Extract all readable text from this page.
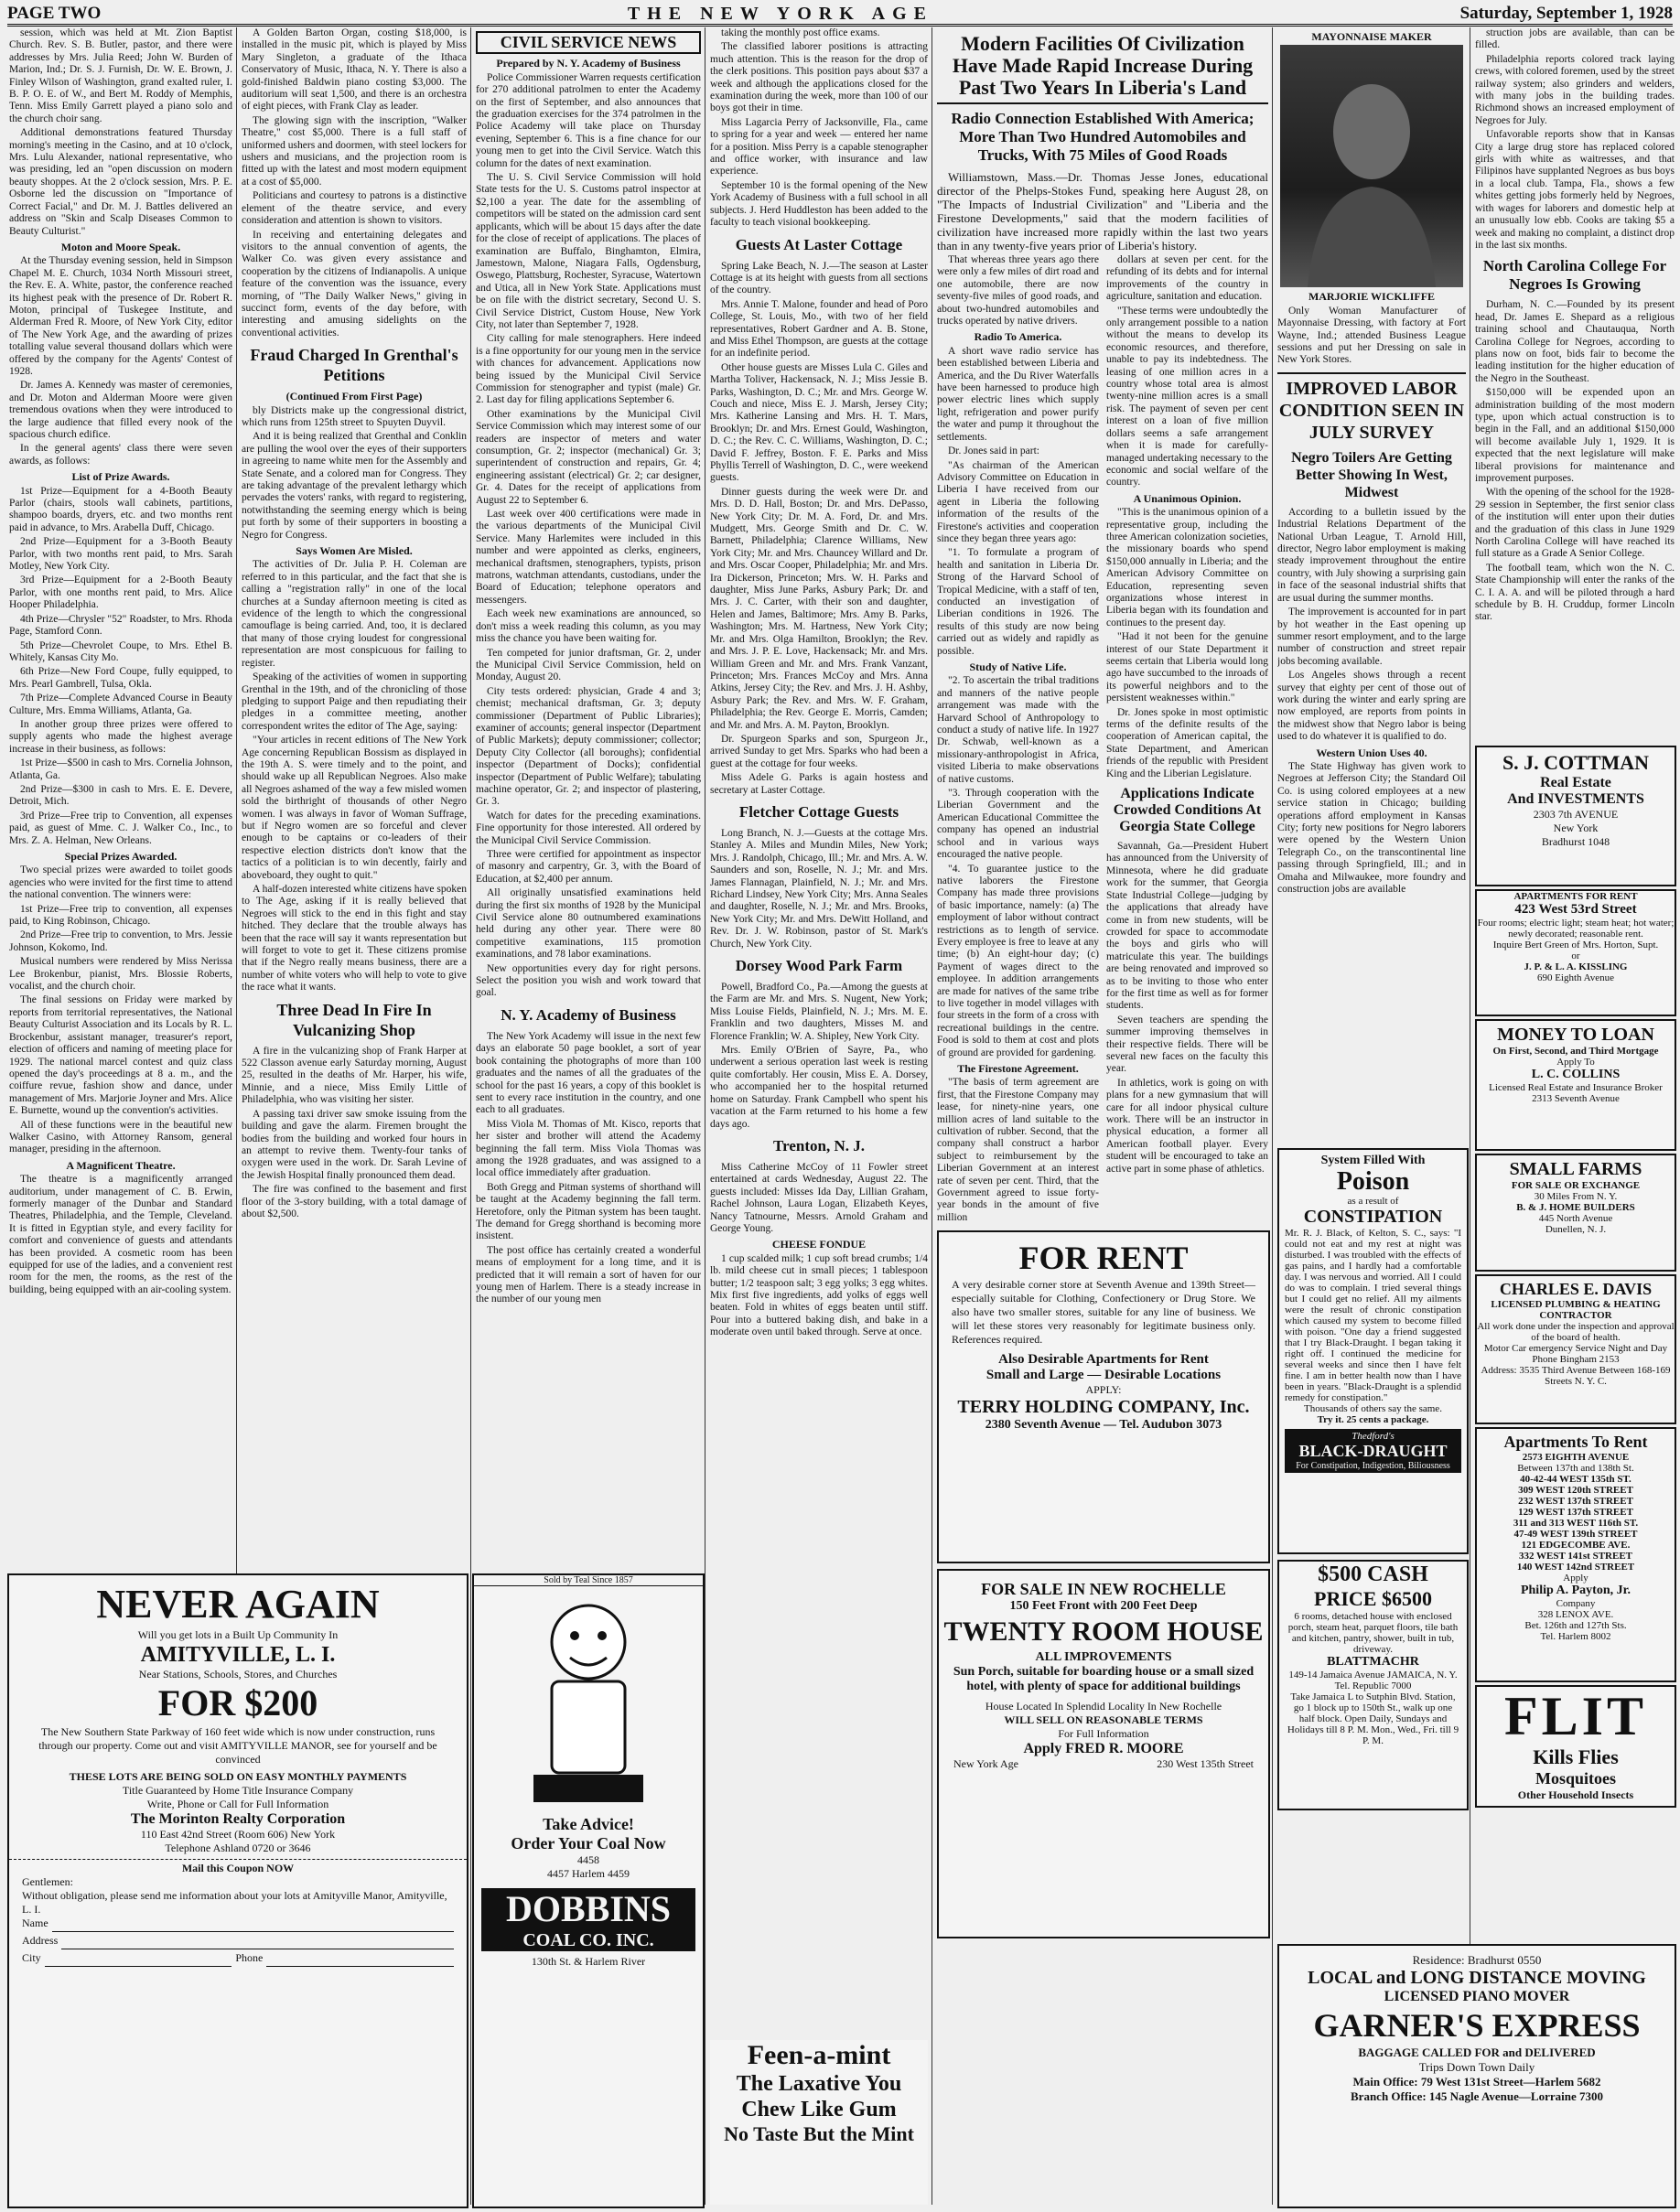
PAGE TWO	THE NEW YORK AGE	Saturday, September 1, 1928

session, which was held at Mt. Zion Baptist Church. Rev. S. B. Butler, pastor, and there were addresses by Mrs. Julia Reed; John W. Burden of Marion, Ind.; Dr. S. J. Furnish, Dr. W. E. Brown, J. Finley Wilson of Washington, grand exalted ruler, I. B. P. O. E. of W., and Bert M. Roddy of Memphis, Tenn. Miss Emily Garrett played a piano solo and the church choir sang.

Additional demonstrations featured Thursday morning's meeting in the Casino, and at 10 o'clock, Mrs. Lulu Alexander, national representative, who was presiding, led an "open discussion on modern beauty shoppes. At the 2 o'clock session, Mrs. P. E. Osborne led the discussion on "Importance of Correct Facial," and Dr. M. J. Battles delivered an address on "Skin and Scalp Diseases Common to Beauty Culturist."

Moton and Moore Speak.

At the Thursday evening session, held in Simpson Chapel M. E. Church, 1034 North Missouri street, the Rev. E. A. White, pastor, the conference reached its highest peak with the presence of Dr. Robert R. Moton, principal of Tuskegee Institute, and Alderman Fred R. Moore, of New York City, editor of The New York Age, and the awarding of prizes totalling value several thousand dollars which were offered by the company for the Agents' Contest of 1928.

Dr. James A. Kennedy was master of ceremonies, and Dr. Moton and Alderman Moore were given tremendous ovations when they were introduced to the large audience that filled every nook of the spacious church edifice.

In the general agents' class there were seven awards, as follows:

List of Prize Awards.

1st Prize—Equipment for a 4-Booth Beauty Parlor (chairs, stools wall cabinets, partitions, shampoo boards, dryers, etc. and two months rent paid in advance, to Mrs. Arabella Duff, Chicago.

2nd Prize—Equipment for a 3-Booth Beauty Parlor, with two months rent paid, to Mrs. Sarah Motley, New York City.

3rd Prize—Equipment for a 2-Booth Beauty Parlor, with one months rent paid, to Mrs. Alice Hooper Philadelphia.

4th Prize—Chrysler "52" Roadster, to Mrs. Rhoda Page, Stamford Conn.

5th Prize—Chevrolet Coupe, to Mrs. Ethel B. Whitely, Kansas City Mo.

6th Prize—New Ford Coupe, fully equipped, to Mrs. Pearl Gambrell, Tulsa, Okla.

7th Prize—Complete Advanced Course in Beauty Culture, Mrs. Emma Williams, Atlanta, Ga.

In another group three prizes were offered to supply agents who made the highest average increase in their business, as follows:

1st Prize—$500 in cash to Mrs. Cornelia Johnson, Atlanta, Ga.

2nd Prize—$300 in cash to Mrs. E. E. Devere, Detroit, Mich.

3rd Prize—Free trip to Convention, all expenses paid, as guest of Mme. C. J. Walker Co., Inc., to Mrs. Z. A. Helman, New Orleans.

Special Prizes Awarded.

Two special prizes were awarded to toilet goods agencies who were invited for the first time to attend the national convention. The winners were:

1st Prize—Free trip to convention, all expenses paid, to King Robinson, Chicago.

2nd Prize—Free trip to convention, to Mrs. Jessie Johnson, Kokomo, Ind.

Musical numbers were rendered by Miss Nerissa Lee Brokenbur, pianist, Mrs. Blossie Roberts, vocalist, and the church choir.

The final sessions on Friday were marked by reports from territorial representatives, the National Beauty Culturist Association and its Locals by R. L. Brockenbur, assistant manager, treasurer's report, election of officers and naming of meeting place for 1929. The national marcel contest and quiz class opened the day's proceedings at 8 a. m., and the coiffure revue, fashion show and dance, under management of Mrs. Marjorie Joyner and Mrs. Alice E. Burnette, wound up the convention's activities.

All of these functions were in the beautiful new Walker Casino, with Attorney Ransom, general manager, presiding in the afternoon.

A Magnificent Theatre.

The theatre is a magnificently arranged auditorium, under management of C. B. Erwin, formerly manager of the Dunbar and Standard Theatres, Philadelphia, and the Temple, Cleveland. It is fitted in Egyptian style, and every facility for comfort and convenience of guests and attendants has been provided. A cosmetic room has been equipped for use of the ladies, and a convenient rest room for the men, the rooms, as the rest of the building, being equipped with an air-cooling system.

A Golden Barton Organ, costing $18,000, is installed in the music pit, which is played by Miss Mary Singleton, a graduate of the Ithaca Conservatory of Music, Ithaca, N. Y. There is also a gold-finished Baldwin piano costing $3,000. The auditorium will seat 1,500, and there is an orchestra of eight pieces, with Frank Clay as leader.

The glowing sign with the inscription, "Walker Theatre," cost $5,000. There is a full staff of uniformed ushers and doormen, with steel lockers for ushers and musicians, and the projection room is fitted up with the latest and most modern equipment at a cost of $5,000.

Politicians and courtesy to patrons is a distinctive element of the theatre service, and every consideration and attention is shown to visitors.

In receiving and entertaining delegates and visitors to the annual convention of agents, the Walker Co. was given every assistance and cooperation by the citizens of Indianapolis. A unique feature of the convention was the issuance, every morning, of "The Daily Walker News," giving in succinct form, events of the day before, with interesting and amusing sidelights on the conventional activities.

Fraud Charged In Grenthal's Petitions
(Continued From First Page)

bly Districts make up the congressional district, which runs from 125th street to Spuyten Duyvil.

And it is being realized that Grenthal and Conklin are pulling the wool over the eyes of their supporters in agreeing to name white men for the Assembly and State Senate, and a colored man for Congress. They are taking advantage of the prevalent lethargy which pervades the voters' ranks, with regard to registering, notwithstanding the seeming energy which is being put forth by some of their supporters in boosting a Negro for Congress.

Says Women Are Misled.

The activities of Dr. Julia P. H. Coleman are referred to in this particular, and the fact that she is calling a "registration rally" in one of the local churches at a Sunday afternoon meeting is cited as evidence of the length to which the congressional camouflage is being carried. And, too, it is declared that many of those crying loudest for congressional representation are most conspicuous for failing to register.

Speaking of the activities of women in supporting Grenthal in the 19th, and of the chronicling of those pledging to support Paige and then repudiating their pledges in a committee meeting, another correspondent writes the editor of The Age, saying:

"Your articles in recent editions of The New York Age concerning Republican Bossism as displayed in the 19th A. S. were timely and to the point, and should wake up all Republican Negroes. Also make all Negroes ashamed of the way a few misled women sold the birthright of thousands of other Negro women. I was always in favor of Woman Suffrage, but if Negro women are so forceful and clever enough to be captains or co-leaders of their respective election districts don't know that the tactics of a politician is to win decently, fairly and aboveboard, they ought to quit."

A half-dozen interested white citizens have spoken to The Age, asking if it is really believed that Negroes will stick to the end in this fight and stay hitched. They declare that the trouble always has been that the race will say it wants representation but will forget to vote to get it. These citizens promise that if the Negro really means business, there are a number of white voters who will help to vote to give the race what it wants.

Three Dead In Fire In Vulcanizing Shop

A fire in the vulcanizing shop of Frank Harper at 522 Classon avenue early Saturday morning, August 25, resulted in the deaths of Mr. Harper, his wife, Minnie, and a niece, Miss Emily Little of Philadelphia, who was visiting her sister.

A passing taxi driver saw smoke issuing from the building and gave the alarm. Firemen brought the bodies from the building and worked four hours in an attempt to revive them. Twenty-four tanks of oxygen were used in the work. Dr. Sarah Levine of the Jewish Hospital finally pronounced them dead.

The fire was confined to the basement and first floor of the 3-story building, with a total damage of about $2,500.

CIVIL SERVICE NEWS
Prepared by N. Y. Academy of Business

Police Commissioner Warren requests certification for 270 additional patrolmen to enter the Academy on the first of September, and also announces that the graduation exercises for the 374 patrolmen in the Police Academy will take place on Thursday evening, September 6. This is a fine chance for our young men to get into the Civil Service. Watch this column for the dates of next examination.

The U. S. Civil Service Commission will hold State tests for the U. S. Customs patrol inspector at $2,100 a year. The date for the assembling of competitors will be stated on the admission card sent applicants, which will be about 15 days after the date for the close of receipt of applications. The places of examination are Buffalo, Binghamton, Elmira, Jamestown, Malone, Niagara Falls, Ogdensburg, Oswego, Plattsburg, Rochester, Syracuse, Watertown and Utica, all in New York State. Applications must be on file with the district secretary, Second U. S. Civil Service District, Custom House, New York City, not later than September 7, 1928.

City calling for male stenographers. Here indeed is a fine opportunity for our young men in the service with chances for advancement. Applications now being issued by the Municipal Civil Service Commission for stenographer and typist (male) Gr. 2. Last day for filing applications September 6.

Other examinations by the Municipal Civil Service Commission which may interest some of our readers are inspector of meters and water consumption, Gr. 2; inspector (mechanical) Gr. 3; superintendent of construction and repairs, Gr. 4; engineering assistant (electrical) Gr. 2; car designer, Gr. 4. Dates for the receipt of applications from August 22 to September 6.

Last week over 400 certifications were made in the various departments of the Municipal Civil Service. Many Harlemites were included in this number and were appointed as clerks, engineers, mechanical draftsmen, stenographers, typists, prison matrons, watchman attendants, custodians, under the Board of Education; telephone operators and messengers.

Each week new examinations are announced, so don't miss a week reading this column, as you may miss the chance you have been waiting for.

Ten competed for junior draftsman, Gr. 2, under the Municipal Civil Service Commission, held on Monday, August 20.

City tests ordered: physician, Grade 4 and 3; chemist; mechanical draftsman, Gr. 3; deputy commissioner (Department of Public Libraries); examiner of accounts; general inspector (Department of Public Markets); deputy commissioner; collector; Deputy City Collector (all boroughs); confidential inspector (Department of Docks); confidential inspector (Department of Public Welfare); tabulating machine operator, Gr. 2; and inspector of plastering, Gr. 3.

Watch for dates for the preceding examinations. Fine opportunity for those interested. All ordered by the Municipal Civil Service Commission.

Three were certified for appointment as inspector of masonry and carpentry, Gr. 3, with the Board of Education, at $2,400 per annum.

All originally unsatisfied examinations held during the first six months of 1928 by the Municipal Civil Service alone 80 outnumbered examinations held during any other year. There were 80 competitive examinations, 115 promotion examinations, and 78 labor examinations.

New opportunities every day for right persons. Select the position you wish and work toward that goal.

N. Y. Academy of Business

The New York Academy will issue in the next few days an elaborate 50 page booklet, a sort of year book containing the photographs of more than 100 graduates and the names of all the graduates of the school for the past 16 years, a copy of this booklet is sent to every race institution in the country, and one each to all graduates.

Miss Viola M. Thomas of Mt. Kisco, reports that her sister and brother will attend the Academy beginning the fall term. Miss Viola Thomas was among the 1928 graduates, and was assigned to a local office immediately after graduation.

Both Gregg and Pitman systems of shorthand will be taught at the Academy beginning the fall term. Heretofore, only the Pitman system has been taught. The demand for Gregg shorthand is becoming more insistent.

The post office has certainly created a wonderful means of employment for a long time, and it is predicted that it will remain a sort of haven for our young men of Harlem. There is a steady increase in the number of our young men

taking the monthly post office exams.

The classified laborer positions is attracting much attention. This is the reason for the drop of the clerk positions. This position pays about $37 a week and although the applications closed for the examination during the week, more than 100 of our boys got their in time.

Miss Lagarcia Perry of Jacksonville, Fla., came to spring for a year and week — entered her name for a position. Miss Perry is a capable stenographer and office worker, with insurance and law experience.

September 10 is the formal opening of the New York Academy of Business with a full school in all subjects. J. Herd Huddleston has been added to the faculty to teach visional bookkeeping.

Guests At Laster Cottage

Spring Lake Beach, N. J.—The season at Laster Cottage is at its height with guests from all sections of the country.

Mrs. Annie T. Malone, founder and head of Poro College, St. Louis, Mo., with two of her field representatives, Robert Gardner and A. B. Stone, and Miss Ethel Thompson, are guests at the cottage for an indefinite period.

Other house guests are Misses Lula C. Giles and Martha Toliver, Hackensack, N. J.; Miss Jessie B. Parks, Washington, D. C.; Mr. and Mrs. George W. Couch and niece, Miss E. J. Marsh, Jersey City; Mrs. Katherine Lansing and Mrs. H. T. Mars, Brooklyn; Dr. and Mrs. Ernest Gould, Washington, D. C.; the Rev. C. C. Williams, Washington, D. C.; David F. Jeffrey, Boston. F. E. Parks and Miss Phyllis Terrell of Washington, D. C., were weekend guests.

Dinner guests during the week were Dr. and Mrs. D. D. Hall, Boston; Dr. and Mrs. DePasso, New York City; Dr. M. A. Ford, Dr. and Mrs. Mudgett, Mrs. George Smith and Dr. C. W. Barnett, Philadelphia; Clarence Williams, New York City; Mr. and Mrs. Chauncey Willard and Dr. and Mrs. Oscar Cooper, Philadelphia; Mr. and Mrs. Ira Dickerson, Princeton; Mrs. W. H. Parks and daughter, Miss June Parks, Asbury Park; Dr. and Mrs. J. C. Carter, with their son and daughter, Helen and James, Baltimore; Mrs. Amy B. Parks, Washington; Mrs. M. Hartness, New York City; Mr. and Mrs. Olga Hamilton, Brooklyn; the Rev. and Mrs. J. P. E. Love, Hackensack; Mr. and Mrs. William Green and Mr. and Mrs. Frank Vanzant, Princeton; Mrs. Frances McCoy and Mrs. Anna Atkins, Jersey City; the Rev. and Mrs. J. H. Ashby, Asbury Park; the Rev. and Mrs. W. F. Graham, Philadelphia; the Rev. George E. Morris, Camden; and Mr. and Mrs. A. M. Payton, Brooklyn.

Dr. Spurgeon Sparks and son, Spurgeon Jr., arrived Sunday to get Mrs. Sparks who had been a guest at the cottage for four weeks.

Miss Adele G. Parks is again hostess and secretary at Laster Cottage.

Fletcher Cottage Guests

Long Branch, N. J.—Guests at the cottage Mrs. Stanley A. Miles and Mundin Miles, New York; Mrs. J. Randolph, Chicago, Ill.; Mr. and Mrs. A. W. Saunders and son, Roselle, N. J.; Mr. and Mrs. James Flannagan, Plainfield, N. J.; Mr. and Mrs. Richard Lindsey, New York City; Mrs. Anna Seales and daughter, Roselle, N. J.; Mr. and Mrs. Brooks, New York City; Mr. and Mrs. DeWitt Holland, and Rev. Dr. J. W. Robinson, pastor of St. Mark's Church, New York City.

Dorsey Wood Park Farm

Powell, Bradford Co., Pa.—Among the guests at the Farm are Mr. and Mrs. S. Nugent, New York; Miss Louise Fields, Plainfield, N. J.; Mrs. M. E. Franklin and two daughters, Misses M. and Florence Franklin; W. A. Shipley, New York City.

Mrs. Emily O'Brien of Sayre, Pa., who underwent a serious operation last week is resting quite comfortably. Her cousin, Miss E. A. Dorsey, who accompanied her to the hospital returned home on Saturday. Frank Campbell who spent his vacation at the Farm returned to his home a few days ago.

Trenton, N. J.

Miss Catherine McCoy of 11 Fowler street entertained at cards Wednesday, August 22. The guests included: Misses Ida Day, Lillian Graham, Rachel Johnson, Laura Logan, Elizabeth Keyes, Nancy Tatnourne, Messrs. Arnold Graham and George Young.

CHEESE FONDUE

1 cup scalded milk; 1 cup soft bread crumbs; 1/4 lb. mild cheese cut in small pieces; 1 tablespoon butter; 1/2 teaspoon salt; 3 egg yolks; 3 egg whites. Mix first five ingredients, add yolks of eggs well beaten. Fold in whites of eggs beaten until stiff. Pour into a buttered baking dish, and bake in a moderate oven until baked through. Serve at once.

Modern Facilities Of Civilization Have Made Rapid Increase During Past Two Years In Liberia's Land
Radio Connection Established With America; More Than Two Hundred Automobiles and Trucks, With 75 Miles of Good Roads

Williamstown, Mass.—Dr. Thomas Jesse Jones, educational director of the Phelps-Stokes Fund, speaking here August 28, on "The Impacts of Industrial Civilization" and "Liberia and the Firestone Developments," said that the modern facilities of civilization have increased more rapidly within the last two years than in any twenty-five years prior of Liberia's history.

That whereas three years ago there were only a few miles of dirt road and one automobile, there are now seventy-five miles of good roads, and about two-hundred automobiles and trucks operated by native drivers.

Radio To America.

A short wave radio service has been established between Liberia and America, and the Du River Waterfalls have been harnessed to produce high power electric lines which supply light, refrigeration and power purify the water and pump it throughout the settlements.

Dr. Jones said in part:

"As chairman of the American Advisory Committee on Education in Liberia I have received from our agent in Liberia the following information of the results of the Firestone's activities and cooperation since they began three years ago:

"1. To formulate a program of health and sanitation in Liberia Dr. Strong of the Harvard School of Tropical Medicine, with a staff of ten, conducted an investigation of Liberian conditions in 1926. The results of this study are now being carried out as widely and rapidly as possible.

Study of Native Life.

"2. To ascertain the tribal traditions and manners of the native people arrangement was made with the Harvard School of Anthropology to conduct a study of native life. In 1927 Dr. Schwab, well-known as a missionary-anthropologist in Africa, visited Liberia to make observations of native customs.

"3. Through cooperation with the Liberian Government and the American Educational Committee the company has opened an industrial school and in various ways encouraged the native people.

"4. To guarantee justice to the native laborers the Firestone Company has made three provisions of basic importance, namely: (a) The employment of labor without contract restrictions as to length of service. Every employee is free to leave at any time; (b) An eight-hour day; (c) Payment of wages direct to the employee. In addition arrangements are made for natives of the same tribe to live together in model villages with four streets in the form of a cross with recreational buildings in the centre. Food is sold to them at cost and plots of ground are provided for gardening.

The Firestone Agreement.

"The basis of term agreement are first, that the Firestone Company may lease, for ninety-nine years, one million acres of land suitable to the cultivation of rubber. Second, that the company shall construct a harbor subject to reimbursement by the Liberian Government at an interest rate of seven per cent. Third, that the Government agreed to issue forty-year bonds in the amount of five million

dollars at seven per cent. for the refunding of its debts and for internal improvements of the country in agriculture, sanitation and education.

"These terms were undoubtedly the only arrangement possible to a nation without the means to develop its economic resources, and therefore, unable to pay its indebtedness. The leasing of one million acres in a country whose total area is almost twenty-nine million acres is a small risk. The payment of seven per cent interest on a loan of five million dollars seems a safe arrangement when it is made for carefully-managed undertaking necessary to the economic and social welfare of the country.

A Unanimous Opinion.

"This is the unanimous opinion of a representative group, including the three American colonization societies, the missionary boards who spend $150,000 annually in Liberia; and the American Advisory Committee on Education, representing seven organizations whose interest in Liberia began with its foundation and continues to the present day.

"Had it not been for the genuine interest of our State Department it seems certain that Liberia would long ago have succumbed to the inroads of its powerful neighbors and to the persistent weaknesses within."

Dr. Jones spoke in most optimistic terms of the definite results of the cooperation of American capital, the State Department, and American friends of the republic with President King and the Liberian Legislature.

Applications Indicate Crowded Conditions At Georgia State College

Savannah, Ga.—President Hubert has announced from the University of Minnesota, where he did graduate work for the summer, that Georgia State Industrial College—judging by the applications that already have come in from new students, will be crowded for space to accommodate the boys and girls who will matriculate this year. The buildings are being renovated and improved so as to be inviting to those who enter for the first time as well as for former students.

Seven teachers are spending the summer improving themselves in their respective fields. There will be several new faces on the faculty this year.

In athletics, work is going on with plans for a new gymnasium that will care for all indoor physical culture work. There will be an instructor in physical education, a former all American football player. Every student will be encouraged to take an active part in some phase of athletics.

MAYONNAISE MAKER
MARJORIE WICKLIFFE

Only Woman Manufacturer of Mayonnaise Dressing, with factory at Fort Wayne, Ind.; attended Business League sessions and put her Dressing on sale in New York Stores.

IMPROVED LABOR CONDITION SEEN IN JULY SURVEY
Negro Toilers Are Getting Better Showing In West, Midwest

According to a bulletin issued by the Industrial Relations Department of the National Urban League, T. Arnold Hill, director, Negro labor employment is making steady improvement throughout the entire country, with July showing a surprising gain in face of the seasonal industrial shifts that are usual during the summer months.

The improvement is accounted for in part by hot weather in the East opening up summer resort employment, and to the large number of construction and street repair jobs becoming available.

Los Angeles shows through a recent survey that eighty per cent of those out of work during the winter and early spring are now employed, are reports from points in the midwest show that Negro labor is being used to do whatever it is qualified to do.

Western Union Uses 40.

The State Highway has given work to Negroes at Jefferson City; the Standard Oil Co. is using colored employees at a new service station in Chicago; building operations afford employment in Kansas City; forty new positions for Negro laborers were opened by the Western Union Telegraph Co., on the transcontinental line passing through Springfield, Ill.; and in Omaha and Milwaukee, more foundry and construction jobs are available

struction jobs are available, than can be filled.

Philadelphia reports colored track laying crews, with colored foremen, used by the street railway system; also grinders and welders, with many jobs in the building trades. Richmond shows an increased employment of Negroes for July.

Unfavorable reports show that in Kansas City a large drug store has replaced colored girls with white as waitresses, and that Filipinos have supplanted Negroes as bus boys in a local club. Tampa, Fla., shows a few whites getting jobs formerly held by Negroes, with wages for laborers and domestic help at an unusually low ebb. Cooks are taking $5 a week and making no complaint, a distinct drop in the last six months.

North Carolina College For Negroes Is Growing

Durham, N. C.—Founded by its present head, Dr. James E. Shepard as a religious training school and Chautauqua, North Carolina College for Negroes, according to plans now on foot, bids fair to become the leading institution for the higher education of the Negro in the Southeast.

$150,000 will be expended upon an administration building of the most modern type, upon which actual construction is to begin in the Fall, and an additional $150,000 will become available July 1, 1929. It is expected that the next legislature will make liberal provisions for maintenance and improvement purposes.

With the opening of the school for the 1928-29 session in September, the first senior class of the institution will enter upon their duties and the graduation of this class in June 1929 North Carolina College will have reached its full stature as a Grade A Senior College.

The football team, which won the N. C. State Championship will enter the ranks of the C. I. A. A. and will be piloted through a hard schedule by B. H. Cruddup, former Lincoln star.

NEVER AGAIN
Will you get lots in a Built Up Community In
AMITYVILLE, L. I.
Near Stations, Schools, Stores, and Churches
FOR $200
The New Southern State Parkway of 160 feet wide which is now under construction, runs through our property. Come out and visit AMITYVILLE MANOR, see for yourself and be convinced
THESE LOTS ARE BEING SOLD ON EASY MONTHLY PAYMENTS
Title Guaranteed by Home Title Insurance Company
Write, Phone or Call for Full Information
The Morinton Realty Corporation
110 East 42nd Street (Room 606) New York
Telephone Ashland 0720 or 3646
Mail this Coupon NOW
Gentlemen:
Without obligation, please send me information about your lots at Amityville Manor, Amityville, L. I.
Name
Address
City	Phone
Sold by Teal Since 1857
Take Advice!
Order Your Coal Now
4458
4457 Harlem 4459
DOBBINS
COAL CO. INC.
130th St. & Harlem River
Feen-a-mint
The Laxative You Chew Like Gum
No Taste But the Mint
FOR RENT
A very desirable corner store at Seventh Avenue and 139th Street—especially suitable for Clothing, Confectionery or Drug Store. We also have two smaller stores, suitable for any line of business. We will let these stores very reasonably for legitimate business only. References required.
Also Desirable Apartments for Rent
Small and Large — Desirable Locations
APPLY:
TERRY HOLDING COMPANY, Inc.
2380 Seventh Avenue — Tel. Audubon 3073
FOR SALE IN NEW ROCHELLE
150 Feet Front with 200 Feet Deep
TWENTY ROOM HOUSE
ALL IMPROVEMENTS
Sun Porch, suitable for boarding house or a small sized hotel, with plenty of space for additional buildings
House Located In Splendid Locality In New Rochelle
WILL SELL ON REASONABLE TERMS
For Full Information
Apply FRED R. MOORE
New York Age	230 West 135th Street
System Filled With
Poison
as a result of
CONSTIPATION
Mr. R. J. Black, of Kelton, S. C., says: "I could not eat and my rest at night was disturbed. I was troubled with the effects of gas pains, and I hardly had a comfortable day. I was nervous and worried. All I could do was to complain. I tried several things but I could get no relief. All my ailments were the result of chronic constipation which caused my system to become filled with poison. "One day a friend suggested that I try Black-Draught. I began taking it right off. I continued the medicine for several weeks and since then I have felt fine. I am in better health now than I have been in years. "Black-Draught is a splendid remedy for constipation."
Thousands of others say the same.
Try it. 25 cents a package.
Thedford's
BLACK-DRAUGHT
For Constipation, Indigestion, Biliousness
$500 CASH
PRICE $6500
6 rooms, detached house with enclosed porch, steam heat, parquet floors, tile bath and kitchen, pantry, shower, built in tub, driveway.
BLATTMACHR
149-14 Jamaica Avenue JAMAICA, N. Y.
Tel. Republic 7000
Take Jamaica L to Sutphin Blvd. Station, go 1 block up to 150th St., walk up one half block. Open Daily, Sundays and Holidays till 8 P. M. Mon., Wed., Fri. till 9 P. M.
S. J. COTTMAN
Real Estate
And INVESTMENTS
2303 7th AVENUE
New York
Bradhurst 1048
APARTMENTS FOR RENT
423 West 53rd Street
Four rooms; electric light; steam heat; hot water; newly decorated; reasonable rent.
Inquire Bert Green of Mrs. Horton, Supt.
or
J. P. & L. A. KISSLING
690 Eighth Avenue
MONEY TO LOAN
On First, Second, and Third Mortgage
Apply To
L. C. COLLINS
Licensed Real Estate and Insurance Broker
2313 Seventh Avenue
SMALL FARMS
FOR SALE OR EXCHANGE
30 Miles From N. Y.
B. & J. HOME BUILDERS
445 North Avenue
Dunellen, N. J.
CHARLES E. DAVIS
LICENSED PLUMBING & HEATING CONTRACTOR
All work done under the inspection and approval of the board of health.
Motor Car emergency Service Night and Day
Phone Bingham 2153
Address: 3535 Third Avenue Between 168-169 Streets N. Y. C.
Apartments To Rent
2573 EIGHTH AVENUE
Between 137th and 138th St.
40-42-44 WEST 135th ST.
309 WEST 120th STREET
232 WEST 137th STREET
129 WEST 137th STREET
311 and 313 WEST 116th ST.
47-49 WEST 139th STREET
121 EDGECOMBE AVE.
332 WEST 141st STREET
140 WEST 142nd STREET
Apply
Philip A. Payton, Jr.
Company
328 LENOX AVE.
Bet. 126th and 127th Sts.
Tel. Harlem 8002
FLIT
Kills Flies
Mosquitoes
Other Household Insects
Residence: Bradhurst 0550
LOCAL and LONG DISTANCE MOVING
LICENSED PIANO MOVER
GARNER'S EXPRESS
BAGGAGE CALLED FOR and DELIVERED
Trips Down Town Daily
Main Office: 79 West 131st Street—Harlem 5682
Branch Office: 145 Nagle Avenue—Lorraine 7300
